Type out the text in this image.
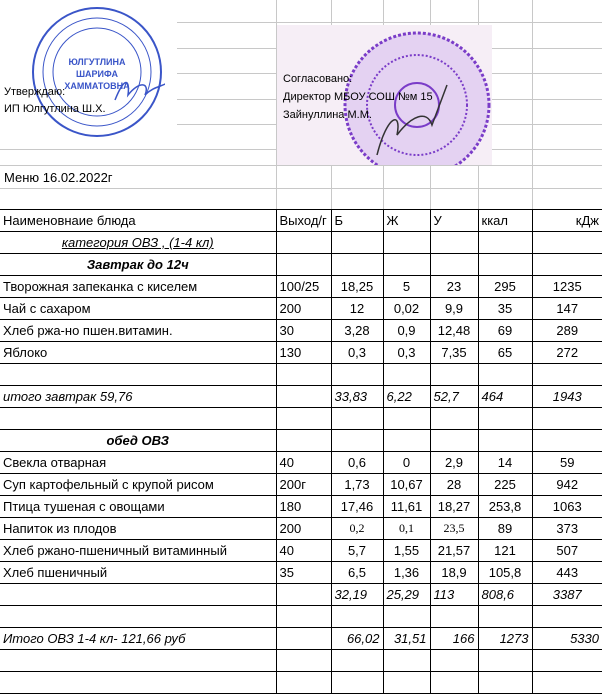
ЮЛГУТЛИНА
ШАРИФА
ХАММАТОВНА
Утверждаю:
ИП Юлгутлина Ш.Х.
Согласовано:
Директор МБОУ СОШ №м 15
Зайнуллина М.М.
Меню 16.02.2022г
Наименовнаие блюда	Выход/г	Б	Ж	У	ккал	кДж
категория ОВЗ , (1-4 кл)						
Завтрак до 12ч						
Творожная запеканка с киселем	100/25	18,25	5	23	295	1235
Чай с сахаром	200	12	0,02	9,9	35	147
Хлеб ржа-но пшен.витамин.	30	3,28	0,9	12,48	69	289
Яблоко	130	0,3	0,3	7,35	65	272

итого завтрак 59,76		33,83	6,22	52,7	464	1943

обед ОВЗ						
Свекла отварная	40	0,6	0	2,9	14	59
Суп картофельный с крупой рисом	200г	1,73	10,67	28	225	942
Птица тушеная с овощами	180	17,46	11,61	18,27	253,8	1063
Напиток из плодов	200	0,2	0,1	23,5	89	373
Хлеб ржано-пшеничный витаминный	40	5,7	1,55	21,57	121	507
Хлеб пшеничный	35	6,5	1,36	18,9	105,8	443
		32,19	25,29	113	808,6	3387

Итого ОВЗ 1-4 кл- 121,66 руб		66,02	31,51	166	1273	5330
